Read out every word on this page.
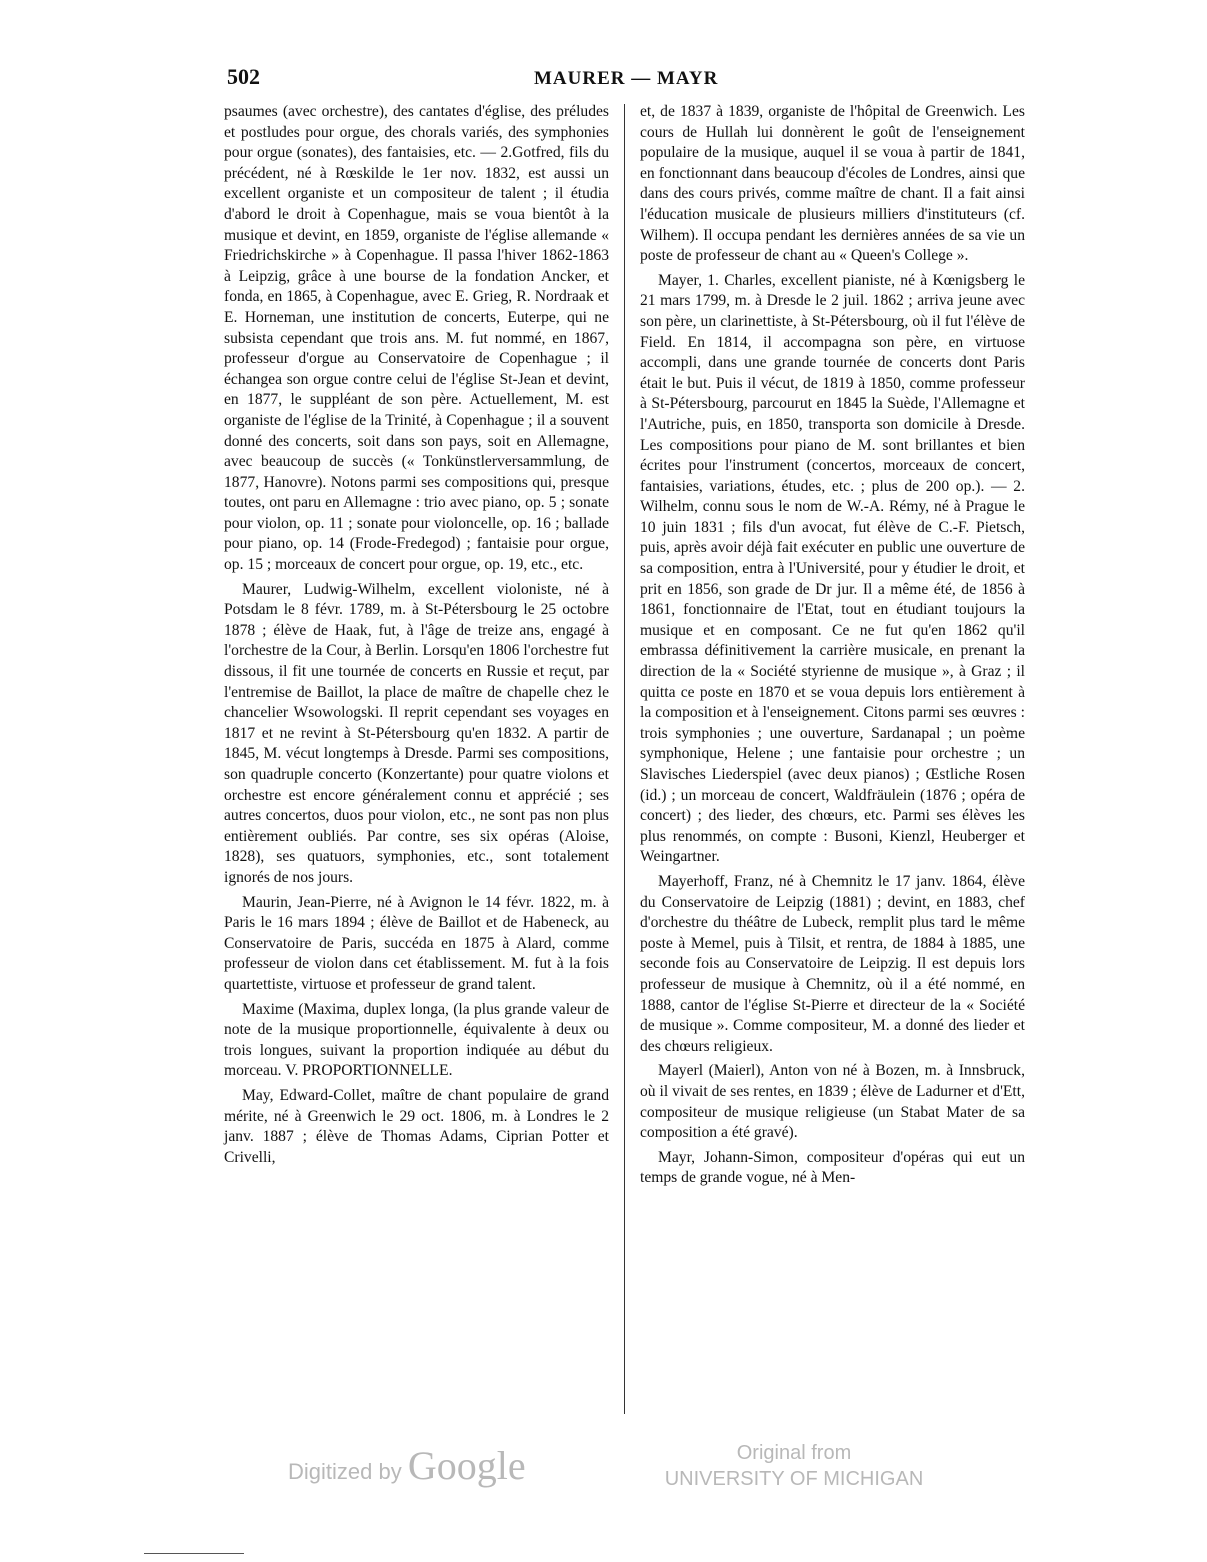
502	MAURER — MAYR

psaumes (avec orchestre), des cantates d'église, des préludes et postludes pour orgue, des chorals variés, des symphonies pour orgue (sonates), des fantaisies, etc. — 2.Gotfred, fils du précédent, né à Rœskilde le 1er nov. 1832, est aussi un excellent organiste et un compositeur de talent ; il étudia d'abord le droit à Copenhague, mais se voua bientôt à la musique et devint, en 1859, organiste de l'église allemande « Friedrichskirche » à Copenhague. Il passa l'hiver 1862-1863 à Leipzig, grâce à une bourse de la fondation Ancker, et fonda, en 1865, à Copenhague, avec E. Grieg, R. Nordraak et E. Horneman, une institution de concerts, Euterpe, qui ne subsista cependant que trois ans. M. fut nommé, en 1867, professeur d'orgue au Conservatoire de Copenhague ; il échangea son orgue contre celui de l'église St-Jean et devint, en 1877, le suppléant de son père. Actuellement, M. est organiste de l'église de la Trinité, à Copenhague ; il a souvent donné des concerts, soit dans son pays, soit en Allemagne, avec beaucoup de succès (« Tonkünstlerversammlung, de 1877, Hanovre). Notons parmi ses compositions qui, presque toutes, ont paru en Allemagne : trio avec piano, op. 5 ; sonate pour violon, op. 11 ; sonate pour violoncelle, op. 16 ; ballade pour piano, op. 14 (Frode-Fredegod) ; fantaisie pour orgue, op. 15 ; morceaux de concert pour orgue, op. 19, etc., etc.

Maurer, Ludwig-Wilhelm, excellent violoniste, né à Potsdam le 8 févr. 1789, m. à St-Pétersbourg le 25 octobre 1878 ; élève de Haak, fut, à l'âge de treize ans, engagé à l'orchestre de la Cour, à Berlin. Lorsqu'en 1806 l'orchestre fut dissous, il fit une tournée de concerts en Russie et reçut, par l'entremise de Baillot, la place de maître de chapelle chez le chancelier Wsowologski. Il reprit cependant ses voyages en 1817 et ne revint à St-Pétersbourg qu'en 1832. A partir de 1845, M. vécut longtemps à Dresde. Parmi ses compositions, son quadruple concerto (Konzertante) pour quatre violons et orchestre est encore généralement connu et apprécié ; ses autres concertos, duos pour violon, etc., ne sont pas non plus entièrement oubliés. Par contre, ses six opéras (Aloise, 1828), ses quatuors, symphonies, etc., sont totalement ignorés de nos jours.

Maurin, Jean-Pierre, né à Avignon le 14 févr. 1822, m. à Paris le 16 mars 1894 ; élève de Baillot et de Habeneck, au Conservatoire de Paris, succéda en 1875 à Alard, comme professeur de violon dans cet établissement. M. fut à la fois quartettiste, virtuose et professeur de grand talent.

Maxime (Maxima, duplex longa, (la plus grande valeur de note de la musique proportionnelle, équivalente à deux ou trois longues, suivant la proportion indiquée au début du morceau. V. PROPORTIONNELLE.

May, Edward-Collet, maître de chant populaire de grand mérite, né à Greenwich le 29 oct. 1806, m. à Londres le 2 janv. 1887 ; élève de Thomas Adams, Ciprian Potter et Crivelli,

et, de 1837 à 1839, organiste de l'hôpital de Greenwich. Les cours de Hullah lui donnèrent le goût de l'enseignement populaire de la musique, auquel il se voua à partir de 1841, en fonctionnant dans beaucoup d'écoles de Londres, ainsi que dans des cours privés, comme maître de chant. Il a fait ainsi l'éducation musicale de plusieurs milliers d'instituteurs (cf. Wilhem). Il occupa pendant les dernières années de sa vie un poste de professeur de chant au « Queen's College ».

Mayer, 1. Charles, excellent pianiste, né à Kœnigsberg le 21 mars 1799, m. à Dresde le 2 juil. 1862 ; arriva jeune avec son père, un clarinettiste, à St-Pétersbourg, où il fut l'élève de Field. En 1814, il accompagna son père, en virtuose accompli, dans une grande tournée de concerts dont Paris était le but. Puis il vécut, de 1819 à 1850, comme professeur à St-Pétersbourg, parcourut en 1845 la Suède, l'Allemagne et l'Autriche, puis, en 1850, transporta son domicile à Dresde. Les compositions pour piano de M. sont brillantes et bien écrites pour l'instrument (concertos, morceaux de concert, fantaisies, variations, études, etc. ; plus de 200 op.). — 2. Wilhelm, connu sous le nom de W.-A. Rémy, né à Prague le 10 juin 1831 ; fils d'un avocat, fut élève de C.-F. Pietsch, puis, après avoir déjà fait exécuter en public une ouverture de sa composition, entra à l'Université, pour y étudier le droit, et prit en 1856, son grade de Dr jur. Il a même été, de 1856 à 1861, fonctionnaire de l'Etat, tout en étudiant toujours la musique et en composant. Ce ne fut qu'en 1862 qu'il embrassa définitivement la carrière musicale, en prenant la direction de la « Société styrienne de musique », à Graz ; il quitta ce poste en 1870 et se voua depuis lors entièrement à la composition et à l'enseignement. Citons parmi ses œuvres : trois symphonies ; une ouverture, Sardanapal ; un poème symphonique, Helene ; une fantaisie pour orchestre ; un Slavisches Liederspiel (avec deux pianos) ; Œstliche Rosen (id.) ; un morceau de concert, Waldfräulein (1876 ; opéra de concert) ; des lieder, des chœurs, etc. Parmi ses élèves les plus renommés, on compte : Busoni, Kienzl, Heuberger et Weingartner.

Mayerhoff, Franz, né à Chemnitz le 17 janv. 1864, élève du Conservatoire de Leipzig (1881) ; devint, en 1883, chef d'orchestre du théâtre de Lubeck, remplit plus tard le même poste à Memel, puis à Tilsit, et rentra, de 1884 à 1885, une seconde fois au Conservatoire de Leipzig. Il est depuis lors professeur de musique à Chemnitz, où il a été nommé, en 1888, cantor de l'église St-Pierre et directeur de la « Société de musique ». Comme compositeur, M. a donné des lieder et des chœurs religieux.

Mayerl (Maierl), Anton von né à Bozen, m. à Innsbruck, où il vivait de ses rentes, en 1839 ; élève de Ladurner et d'Ett, compositeur de musique religieuse (un Stabat Mater de sa composition a été gravé).

Mayr, Johann-Simon, compositeur d'opéras qui eut un temps de grande vogue, né à Men-

Digitized by Google	Original from
UNIVERSITY OF MICHIGAN
